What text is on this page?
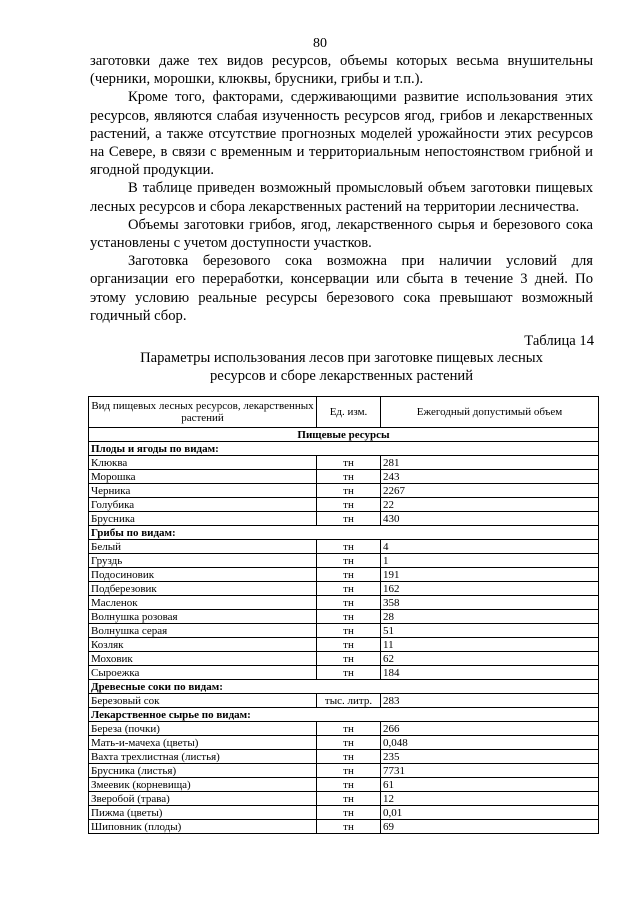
80

заготовки даже тех видов ресурсов, объемы которых весьма внушительны (черники, морошки, клюквы, брусники, грибы и т.п.).

Кроме того, факторами, сдерживающими развитие использования этих ресурсов, являются слабая изученность ресурсов ягод, грибов и лекарственных растений, а также отсутствие прогнозных моделей урожайности этих ресурсов на Севере, в связи с временным и территориальным непостоянством грибной и ягодной продукции.

В таблице приведен возможный промысловый объем заготовки пищевых лесных ресурсов и сбора лекарственных растений на территории лесничества.

Объемы заготовки грибов, ягод, лекарственного сырья и березового сока установлены с учетом доступности участков.

Заготовка березового сока возможна при наличии условий для организации его переработки, консервации или сбыта в течение 3 дней. По этому условию реальные ресурсы березового сока превышают возможный годичный сбор.

Таблица 14
Параметры использования лесов при заготовке пищевых лесных
ресурсов и сборе лекарственных растений
Вид пищевых лесных ресурсов, лекарственных растений	Ед. изм.	Ежегодный допустимый объем
Пищевые ресурсы		
Плоды и ягоды по видам:		
Клюква	тн	281
Морошка	тн	243
Черника	тн	2267
Голубика	тн	22
Брусника	тн	430
Грибы по видам:		
Белый	тн	4
Груздь	тн	1
Подосиновик	тн	191
Подберезовик	тн	162
Масленок	тн	358
Волнушка розовая	тн	28
Волнушка серая	тн	51
Козляк	тн	11
Моховик	тн	62
Сыроежка	тн	184
Древесные соки по видам:		
Березовый сок	тыс. литр.	283
Лекарственное сырье по видам:		
Береза (почки)	тн	266
Мать-и-мачеха (цветы)	тн	0,048
Вахта трехлистная (листья)	тн	235
Брусника (листья)	тн	7731
Змеевик (корневища)	тн	61
Зверобой (трава)	тн	12
Пижма (цветы)	тн	0,01
Шиповник (плоды)	тн	69
